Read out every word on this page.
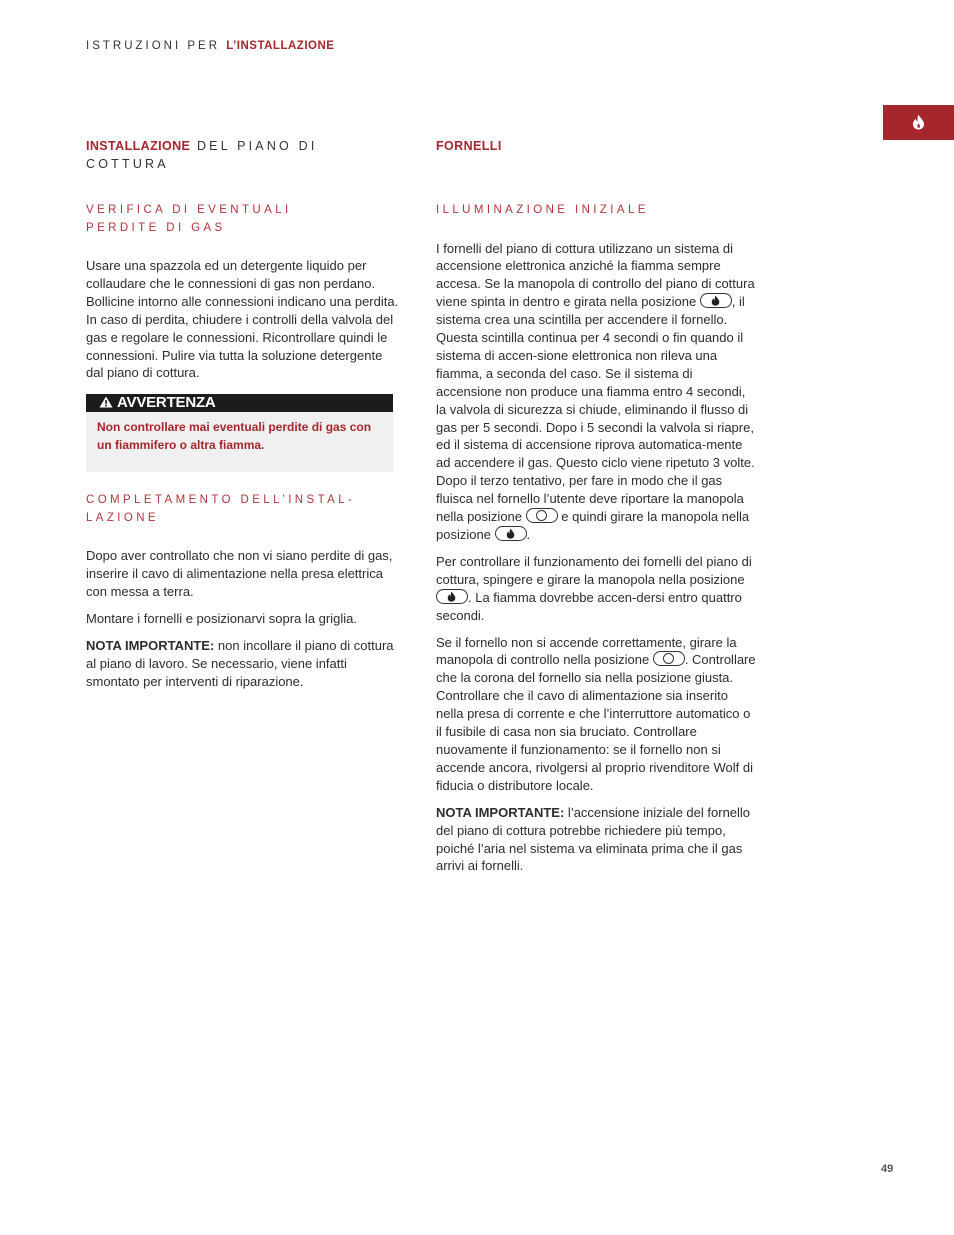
ISTRUZIONI PER L’INSTALLAZIONE
INSTALLAZIONE DEL PIANO DI COTTURA
VERIFICA DI EVENTUALI PERDITE DI GAS

Usare una spazzola ed un detergente liquido per collaudare che le connessioni di gas non perdano. Bollicine intorno alle connessioni indicano una perdita. In caso di perdita, chiudere i controlli della valvola del gas e regolare le connessioni. Ricontrollare quindi le connessioni. Pulire via tutta la soluzione detergente dal piano di cottura.

AVVERTENZA
Non controllare mai eventuali perdite di gas con un fiammifero o altra fiamma.
COMPLETAMENTO DELL’INSTAL-LAZIONE

Dopo aver controllato che non vi siano perdite di gas, inserire il cavo di alimentazione nella presa elettrica con messa a terra.

Montare i fornelli e posizionarvi sopra la griglia.

NOTA IMPORTANTE: non incollare il piano di cottura al piano di lavoro. Se necessario, viene infatti smontato per interventi di riparazione.

FORNELLI
ILLUMINAZIONE INIZIALE

I fornelli del piano di cottura utilizzano un sistema di accensione elettronica anziché la fiamma sempre accesa. Se la manopola di controllo del piano di cottura viene spinta in dentro e girata nella posizione
, il sistema crea una scintilla per accendere il fornello. Questa scintilla continua per 4 secondi o fin quando il sistema di accen-sione elettronica non rileva una fiamma, a seconda del caso. Se il sistema di accensione non produce una fiamma entro 4 secondi, la valvola di sicurezza si chiude, eliminando il flusso di gas per 5 secondi. Dopo i 5 secondi la valvola si riapre, ed il sistema di accensione riprova automatica-mente ad accendere il gas. Questo ciclo viene ripetuto 3 volte. Dopo il terzo tentativo, per fare in modo che il gas fluisca nel fornello l’utente deve riportare la manopola nella posizione  e quindi girare la manopola nella posizione
.

Per controllare il funzionamento dei fornelli del piano di cottura, spingere e girare la manopola nella posizione
. La fiamma dovrebbe accen-dersi entro quattro secondi.

Se il fornello non si accende correttamente, girare la manopola di controllo nella posizione . Controllare che la corona del fornello sia nella posizione giusta. Controllare che il cavo di alimentazione sia inserito nella presa di corrente e che l’interruttore automatico o il fusibile di casa non sia bruciato. Controllare nuovamente il funzionamento: se il fornello non si accende ancora, rivolgersi al proprio rivenditore Wolf di fiducia o distributore locale.

NOTA IMPORTANTE: l’accensione iniziale del fornello del piano di cottura potrebbe richiedere più tempo, poiché l’aria nel sistema va eliminata prima che il gas arrivi ai fornelli.

49
